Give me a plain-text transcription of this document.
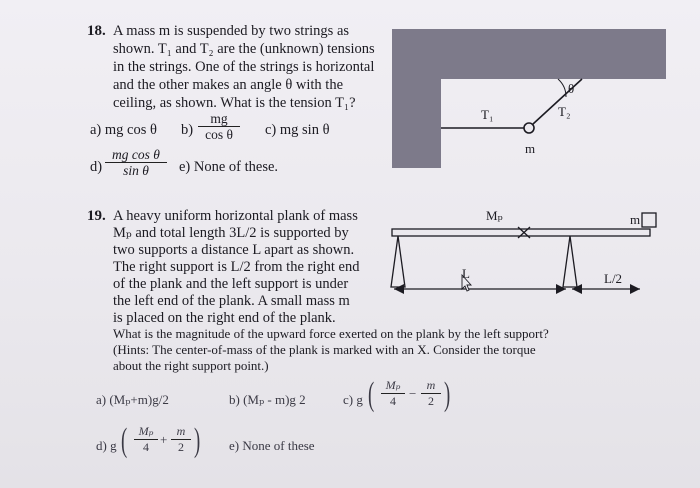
18. A mass m is suspended by two strings as
shown. T₁ and T₂ are the (unknown) tensions
in the strings. One of the strings is horizontal
and the other makes an angle θ with the
ceiling, as shown. What is the tension T₁?
a) mg cos θ $b) \frac{mg}{\text{cos θ}} c$) mg sin θ
$d) \frac{\text{mg cos θ}}{\text{sin θ}} e$) None of these.
θ
T₁	T₂
m
19. A heavy uniform horizontal plank of mass
Mₚ and total length 3L/2 is supported by
two supports a distance L apart as shown.
The right support is L/2 from the right end
of the plank and the left support is under
the left end of the plank. A small mass m
is placed on the right end of the plank.
What is the magnitude of the upward force exerted on the plank by the left support?
(Hints: The center-of-mass of the plank is marked with an X. Consider the torque
about the right support point.)
a) (Mₚ+m)g/2	b) (Mₚ - m)g 2	c) g ( $\frac{\text{Mₚ}}{4} - \frac{m}{2}$ )
d) g ( $\frac{\text{Mₚ}}{4} + \frac{m}{2}$ ) e) None of these
Mₚ	m
L	L/2
